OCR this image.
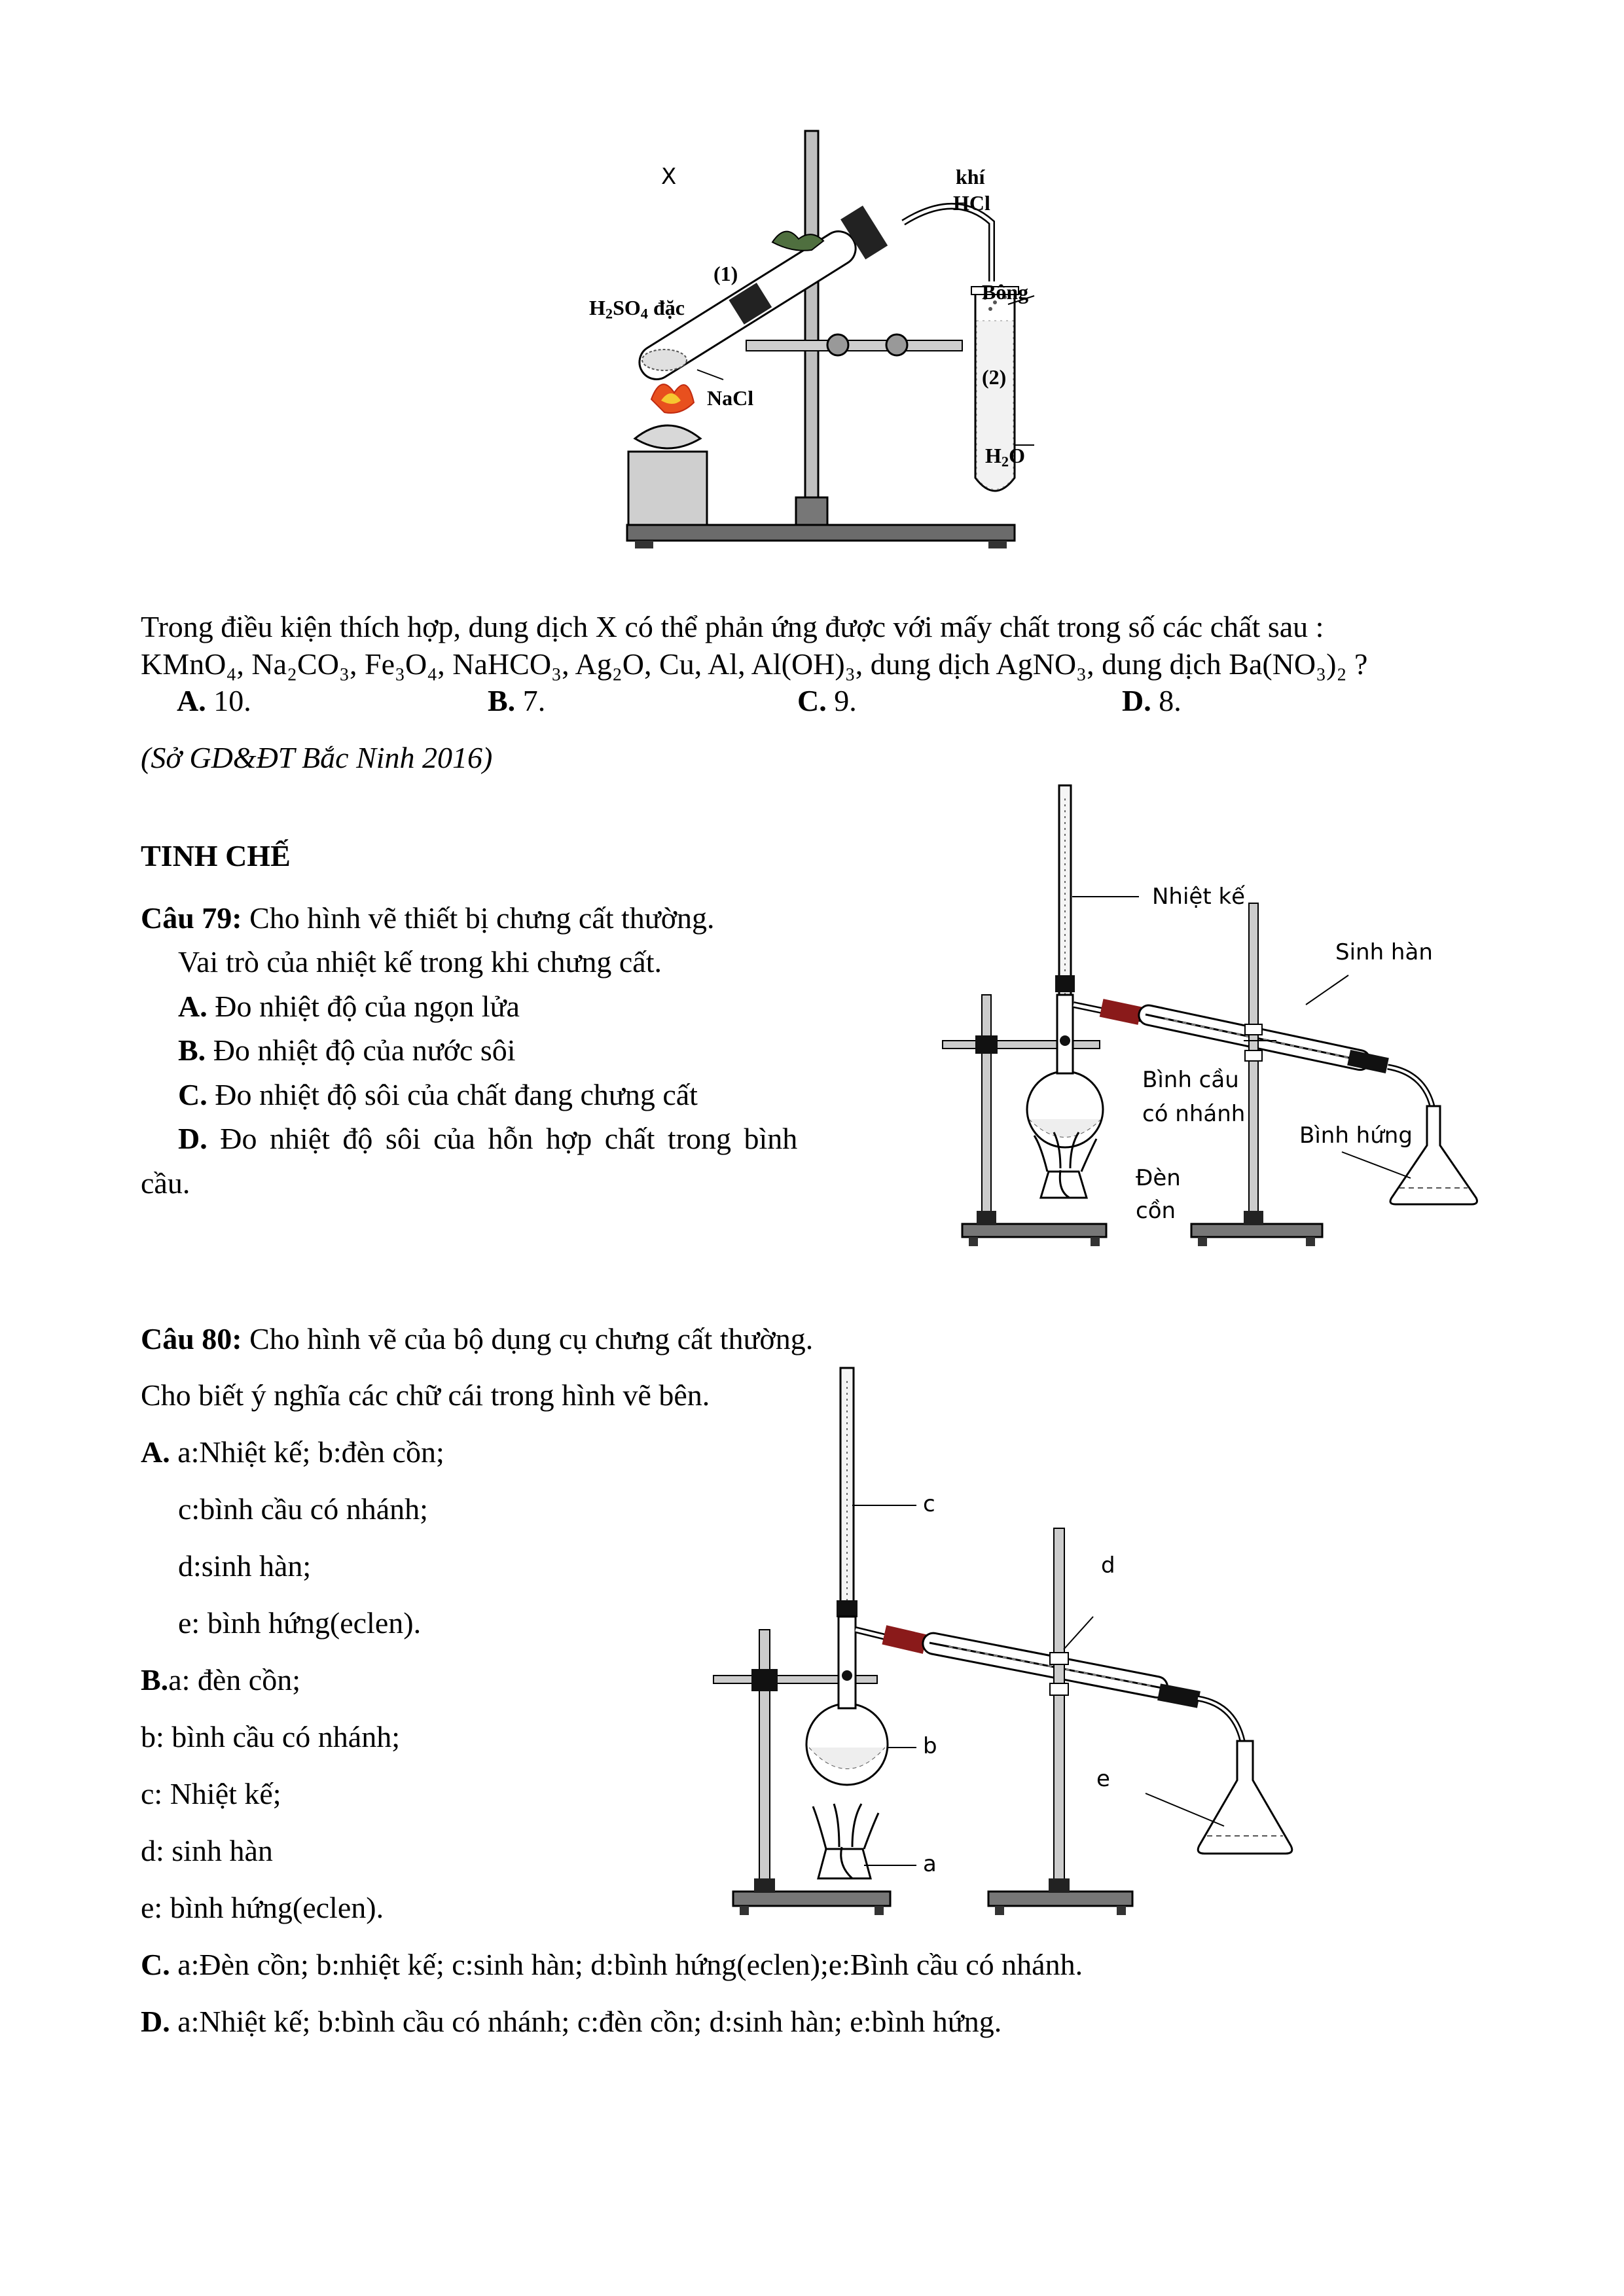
X	khí
HCl
Bông
(1)
(2)
$H_2SO_4$ đặc
NaCl
$H_2O$
Trong điều kiện thích hợp, dung dịch X có thể phản ứng được với mấy chất trong số các chất sau :
KMnO₄, Na₂CO₃, Fe₃O₄, NaHCO₃, Ag₂O, Cu, Al, Al(OH)₃, dung dịch AgNO₃, dung dịch Ba(NO₃)₂ ?
A. 10.	B. 7.	C. 9.	D. 8.
(Sở GD&ĐT Bắc Ninh 2016)
TINH CHẾ
Câu 79: Cho hình vẽ thiết bị chưng cất thường.
Vai trò của nhiệt kế trong khi chưng cất.
A. Đo nhiệt độ của ngọn lửa
B. Đo nhiệt độ của nước sôi
C. Đo nhiệt độ sôi của chất đang chưng cất
D. Đo nhiệt độ sôi của hỗn hợp chất trong bình
cầu.
Nhiệt kế
Sinh hàn
Bình cầu
có nhánh
Bình hứng
Đèn
cồn
Câu 80: Cho hình vẽ của bộ dụng cụ chưng cất thường.
Cho biết ý nghĩa các chữ cái trong hình vẽ bên.
A. a:Nhiệt kế; b:đèn cồn;
c:bình cầu có nhánh;
d:sinh hàn;
e: bình hứng(eclen).
B.a: đèn cồn;
b: bình cầu có nhánh;
c: Nhiệt kế;
d: sinh hàn
e: bình hứng(eclen).
C. a:Đèn cồn; b:nhiệt kế; c:sinh hàn; d:bình hứng(eclen);e:Bình cầu có nhánh.
D. a:Nhiệt kế; b:bình cầu có nhánh; c:đèn cồn; d:sinh hàn; e:bình hứng.
c
d
b
e
a
